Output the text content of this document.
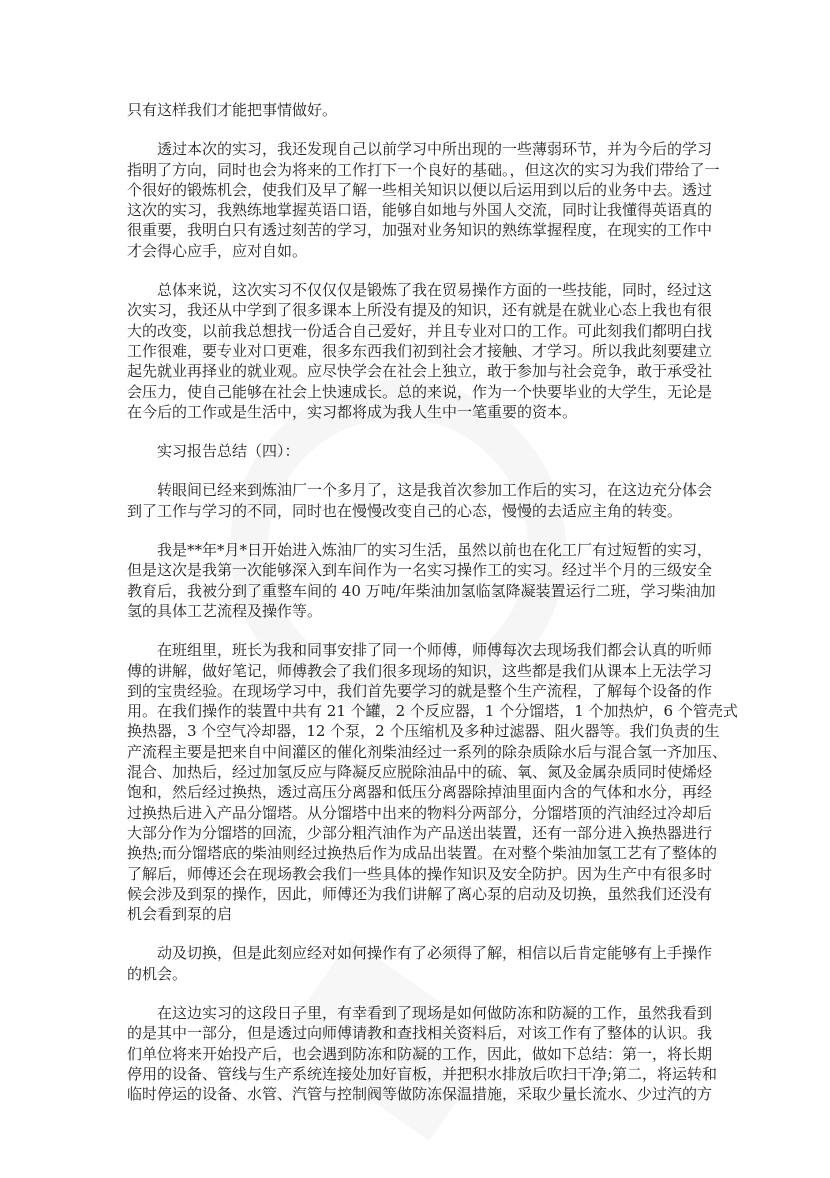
只有这样我们才能把事情做好。
透过本次的实习，我还发现自己以前学习中所出现的一些薄弱环节，并为今后的学习
指明了方向，同时也会为将来的工作打下一个良好的基础。，但这次的实习为我们带给了一
个很好的锻炼机会，使我们及早了解一些相关知识以便以后运用到以后的业务中去。透过
这次的实习，我熟练地掌握英语口语，能够自如地与外国人交流，同时让我懂得英语真的
很重要，我明白只有透过刻苦的学习，加强对业务知识的熟练掌握程度，在现实的工作中
才会得心应手，应对自如。
总体来说，这次实习不仅仅仅是锻炼了我在贸易操作方面的一些技能，同时，经过这
次实习，我还从中学到了很多课本上所没有提及的知识，还有就是在就业心态上我也有很
大的改变，以前我总想找一份适合自己爱好，并且专业对口的工作。可此刻我们都明白找
工作很难，要专业对口更难，很多东西我们初到社会才接触、才学习。所以我此刻要建立
起先就业再择业的就业观。应尽快学会在社会上独立，敢于参加与社会竞争，敢于承受社
会压力，使自己能够在社会上快速成长。总的来说，作为一个快要毕业的大学生，无论是
在今后的工作或是生活中，实习都将成为我人生中一笔重要的资本。
实习报告总结（四）：
转眼间已经来到炼油厂一个多月了，这是我首次参加工作后的实习，在这边充分体会
到了工作与学习的不同，同时也在慢慢改变自己的心态，慢慢的去适应主角的转变。
我是**年*月*日开始进入炼油厂的实习生活，虽然以前也在化工厂有过短暂的实习，
但是这次是我第一次能够深入到车间作为一名实习操作工的实习。经过半个月的三级安全
教育后，我被分到了重整车间的 40 万吨/年柴油加氢临氢降凝装置运行二班，学习柴油加
氢的具体工艺流程及操作等。
在班组里，班长为我和同事安排了同一个师傅，师傅每次去现场我们都会认真的听师
傅的讲解，做好笔记，师傅教会了我们很多现场的知识，这些都是我们从课本上无法学习
到的宝贵经验。在现场学习中，我们首先要学习的就是整个生产流程，了解每个设备的作
用。在我们操作的装置中共有 21 个罐，2 个反应器，1 个分馏塔，1 个加热炉，6 个管壳式
换热器，3 个空气冷却器，12 个泵，2 个压缩机及多种过滤器、阻火器等。我们负责的生
产流程主要是把来自中间灌区的催化剂柴油经过一系列的除杂质除水后与混合氢一齐加压、
混合、加热后，经过加氢反应与降凝反应脱除油品中的硫、氧、氮及金属杂质同时使烯烃
饱和，然后经过换热，透过高压分离器和低压分离器除掉油里面内含的气体和水分，再经
过换热后进入产品分馏塔。从分馏塔中出来的物料分两部分，分馏塔顶的汽油经过冷却后
大部分作为分馏塔的回流，少部分粗汽油作为产品送出装置，还有一部分进入换热器进行
换热;而分馏塔底的柴油则经过换热后作为成品出装置。在对整个柴油加氢工艺有了整体的
了解后，师傅还会在现场教会我们一些具体的操作知识及安全防护。因为生产中有很多时
候会涉及到泵的操作，因此，师傅还为我们讲解了离心泵的启动及切换，虽然我们还没有
机会看到泵的启
动及切换，但是此刻应经对如何操作有了必须得了解，相信以后肯定能够有上手操作
的机会。
在这边实习的这段日子里，有幸看到了现场是如何做防冻和防凝的工作，虽然我看到
的是其中一部分，但是透过向师傅请教和查找相关资料后，对该工作有了整体的认识。我
们单位将来开始投产后，也会遇到防冻和防凝的工作，因此，做如下总结：第一，将长期
停用的设备、管线与生产系统连接处加好盲板，并把积水排放后吹扫干净;第二，将运转和
临时停运的设备、水管、汽管与控制阀等做防冻保温措施，采取少量长流水、少过汽的方
